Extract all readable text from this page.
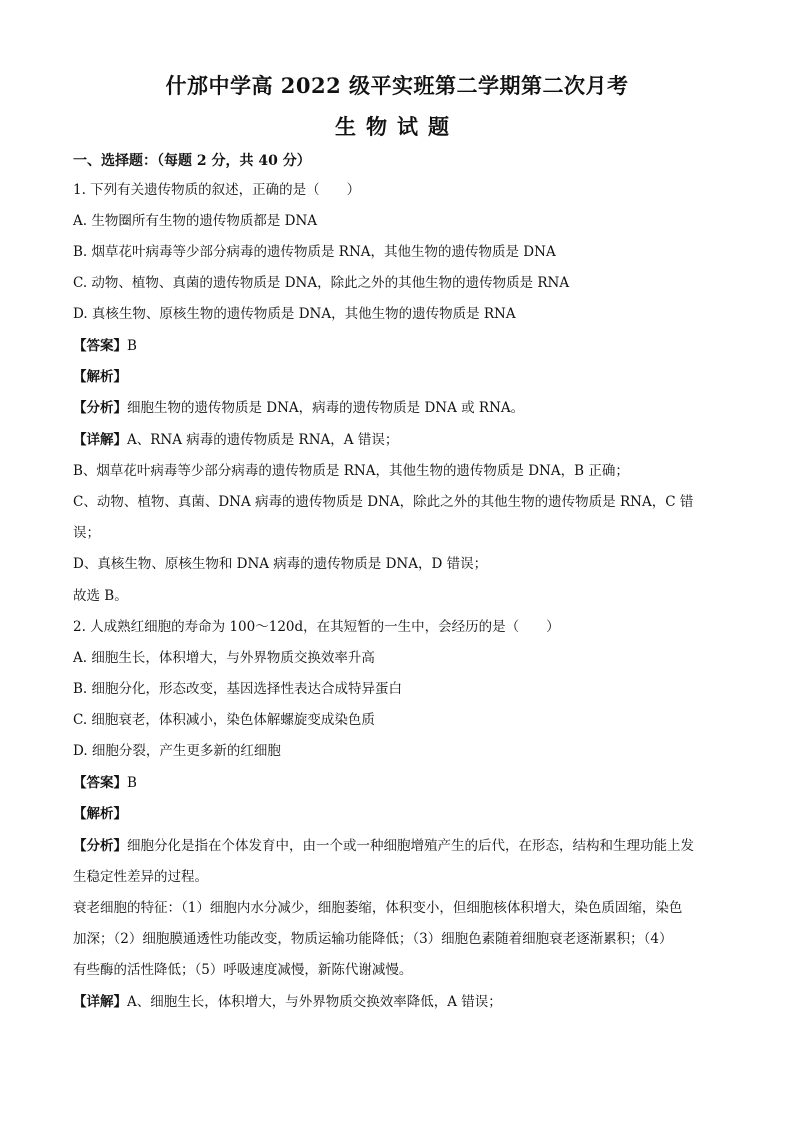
什邡中学高 2022 级平实班第二学期第二次月考
生物试题
一、选择题：（每题 2 分，共 40 分）
1. 下列有关遗传物质的叙述，正确的是（　　）
A. 生物圈所有生物的遗传物质都是 DNA
B. 烟草花叶病毒等少部分病毒的遗传物质是 RNA，其他生物的遗传物质是 DNA
C. 动物、植物、真菌的遗传物质是 DNA，除此之外的其他生物的遗传物质是 RNA
D. 真核生物、原核生物的遗传物质是 DNA，其他生物的遗传物质是 RNA
【答案】B
【解析】
【分析】细胞生物的遗传物质是 DNA，病毒的遗传物质是 DNA 或 RNA。
【详解】A、RNA 病毒的遗传物质是 RNA，A 错误；
B、烟草花叶病毒等少部分病毒的遗传物质是 RNA，其他生物的遗传物质是 DNA，B 正确；
C、动物、植物、真菌、DNA 病毒的遗传物质是 DNA，除此之外的其他生物的遗传物质是 RNA，C 错
误；
D、真核生物、原核生物和 DNA 病毒的遗传物质是 DNA，D 错误；
故选 B。
2. 人成熟红细胞的寿命为 100～120d，在其短暂的一生中，会经历的是（　　）
A. 细胞生长，体积增大，与外界物质交换效率升高
B. 细胞分化，形态改变，基因选择性表达合成特异蛋白
C. 细胞衰老，体积减小，染色体解螺旋变成染色质
D. 细胞分裂，产生更多新的红细胞
【答案】B
【解析】
【分析】细胞分化是指在个体发育中，由一个或一种细胞增殖产生的后代，在形态，结构和生理功能上发
生稳定性差异的过程。
衰老细胞的特征：（1）细胞内水分减少，细胞萎缩，体积变小，但细胞核体积增大，染色质固缩，染色
加深；（2）细胞膜通透性功能改变，物质运输功能降低；（3）细胞色素随着细胞衰老逐渐累积；（4）
有些酶的活性降低；（5）呼吸速度减慢，新陈代谢减慢。
【详解】A、细胞生长，体积增大，与外界物质交换效率降低，A 错误；
